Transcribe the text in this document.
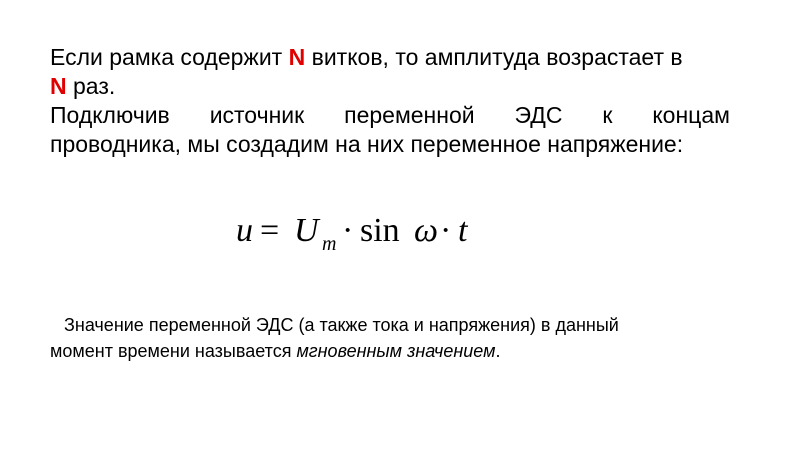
Если рамка содержит N витков, то амплитуда возрастает в
N раз.
Подключив источник переменной ЭДС к концам
проводника, мы создадим на них переменное напряжение:
u = U m · sin ω · t
Значение переменной ЭДС (а также тока и напряжения) в данный
момент времени называется мгновенным значением.
